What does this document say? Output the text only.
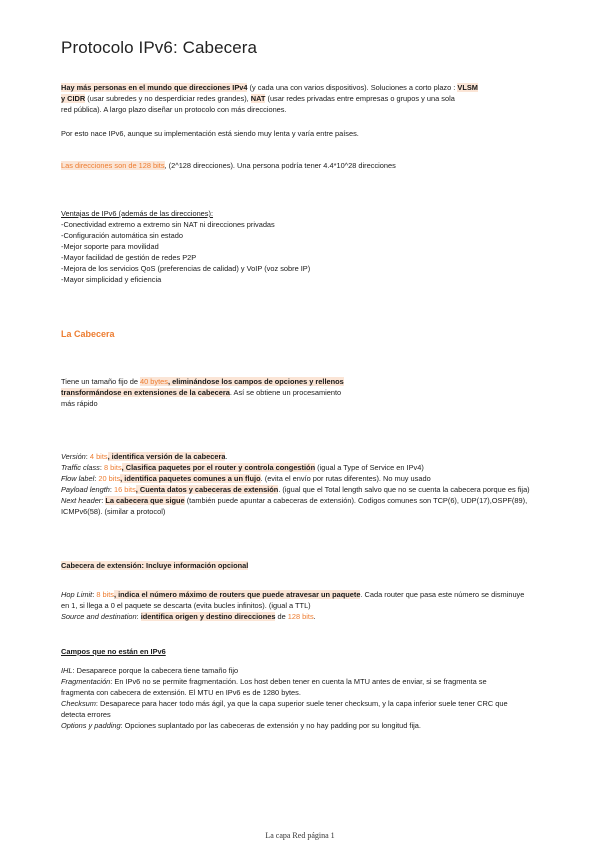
Protocolo IPv6: Cabecera
Hay más personas en el mundo que direcciones IPv4 (y cada una con varios dispositivos). Soluciones a corto plazo : VLSM
y CIDR (usar subredes y no desperdiciar redes grandes), NAT (usar redes privadas entre empresas o grupos y una sola
red pública). A largo plazo diseñar un protocolo con más direcciones.
Por esto nace IPv6, aunque su implementación está siendo muy lenta y varía entre países.
Las direcciones son de 128 bits, (2^128 direcciones). Una persona podría tener 4.4*10^28 direcciones
Ventajas de IPv6 (además de las direcciones):
-Conectividad extremo a extremo sin NAT ni direcciones privadas
-Configuración automática sin estado
-Mejor soporte para movilidad
-Mayor facilidad de gestión de redes P2P
-Mejora de los servicios QoS (preferencias de calidad) y VoIP (voz sobre IP)
-Mayor simplicidad y eficiencia
La Cabecera
Tiene un tamaño fijo de 40 bytes, eliminándose los campos de opciones y rellenos
transformándose en extensiones de la cabecera. Así se obtiene un procesamiento
más rápido
Versión: 4 bits, identifica versión de la cabecera.
Traffic class: 8 bits, Clasifica paquetes por el router y controla congestión (igual a Type of Service en IPv4)
Flow label: 20 bits, identifica paquetes comunes a un flujo. (evita el envío por rutas diferentes). No muy usado
Payload length: 16 bits, Cuenta datos y cabeceras de extensión. (igual que el Total length salvo que no se cuenta la cabecera porque es fija)
Next header: La cabecera que sigue (también puede apuntar a cabeceras de extensión). Codigos comunes son TCP(6), UDP(17),OSPF(89),
ICMPv6(58). (similar a protocol)
Cabecera de extensión: Incluye información opcional
Hop Limit: 8 bits, indica el número máximo de routers que puede atravesar un paquete. Cada router que pasa este número se disminuye
en 1, si llega a 0 el paquete se descarta (evita bucles infinitos). (igual a TTL)
Source and destination: identifica origen y destino direcciones de 128 bits.
Campos que no están en IPv6
IHL: Desaparece porque la cabecera tiene tamaño fijo
Fragmentación: En IPv6 no se permite fragmentación. Los host deben tener en cuenta la MTU antes de enviar, si se fragmenta se
fragmenta con cabecera de extensión. El MTU en IPv6 es de 1280 bytes.
Checksum: Desaparece para hacer todo más ágil, ya que la capa superior suele tener checksum, y la capa inferior suele tener CRC que
detecta errores
Options y padding: Opciones suplantado por las cabeceras de extensión y no hay padding por su longitud fija.
La capa Red página 1
